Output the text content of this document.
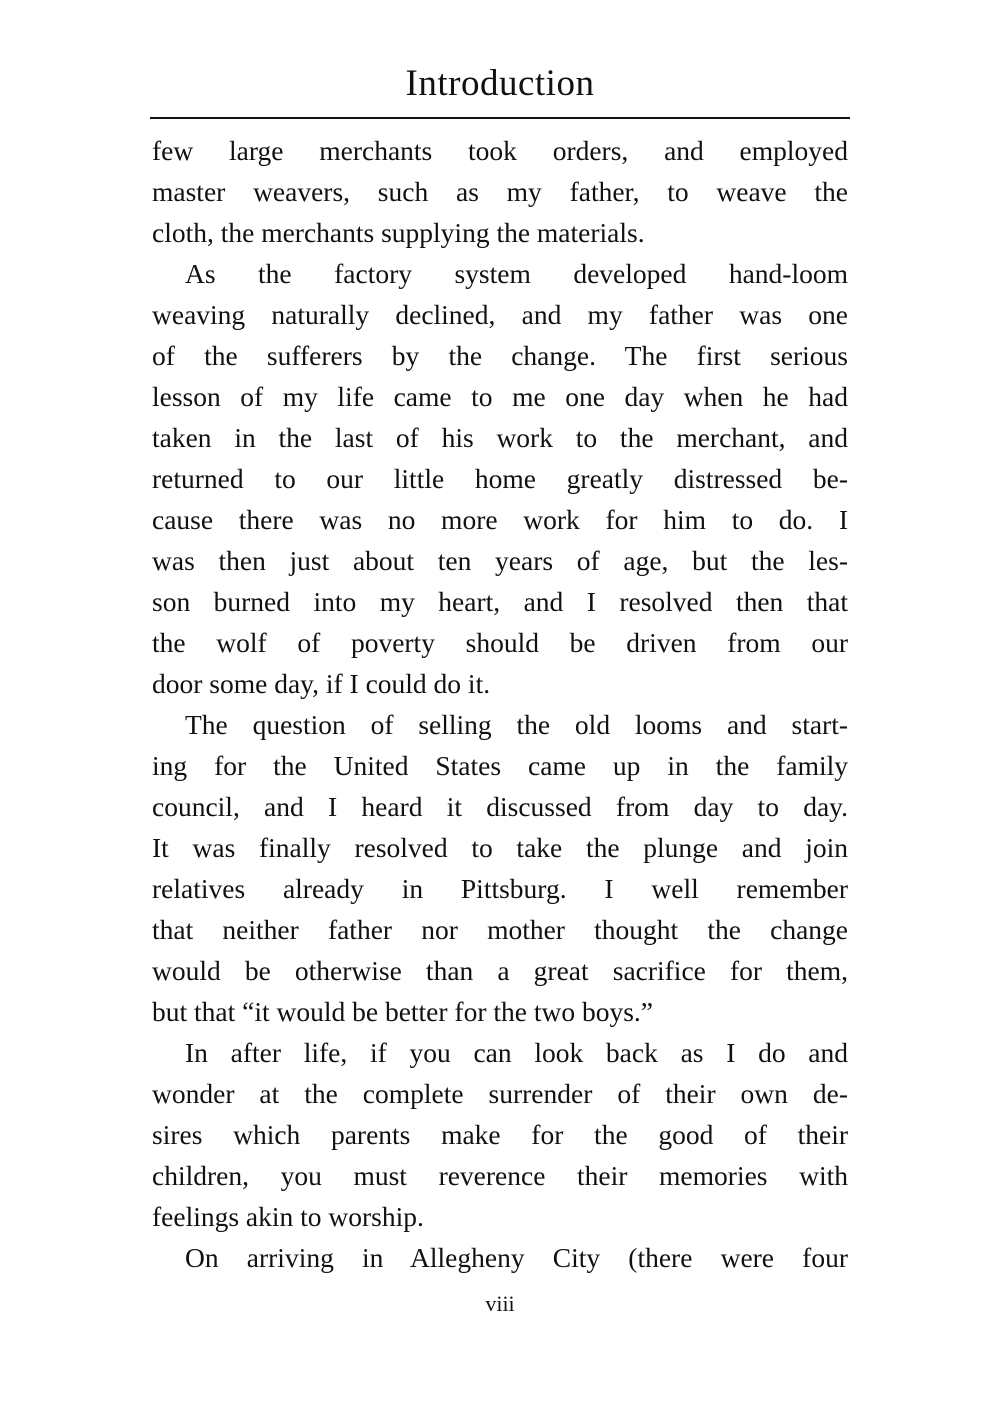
Introduction
few large merchants took orders, and employed
master weavers, such as my father, to weave the
cloth, the merchants supplying the materials.
As the factory system developed hand-loom
weaving naturally declined, and my father was one
of the sufferers by the change. The first serious
lesson of my life came to me one day when he had
taken in the last of his work to the merchant, and
returned to our little home greatly distressed be-
cause there was no more work for him to do. I
was then just about ten years of age, but the les-
son burned into my heart, and I resolved then that
the wolf of poverty should be driven from our
door some day, if I could do it.
The question of selling the old looms and start-
ing for the United States came up in the family
council, and I heard it discussed from day to day.
It was finally resolved to take the plunge and join
relatives already in Pittsburg. I well remember
that neither father nor mother thought the change
would be otherwise than a great sacrifice for them,
but that “it would be better for the two boys.”
In after life, if you can look back as I do and
wonder at the complete surrender of their own de-
sires which parents make for the good of their
children, you must reverence their memories with
feelings akin to worship.
On arriving in Allegheny City (there were four
viii
